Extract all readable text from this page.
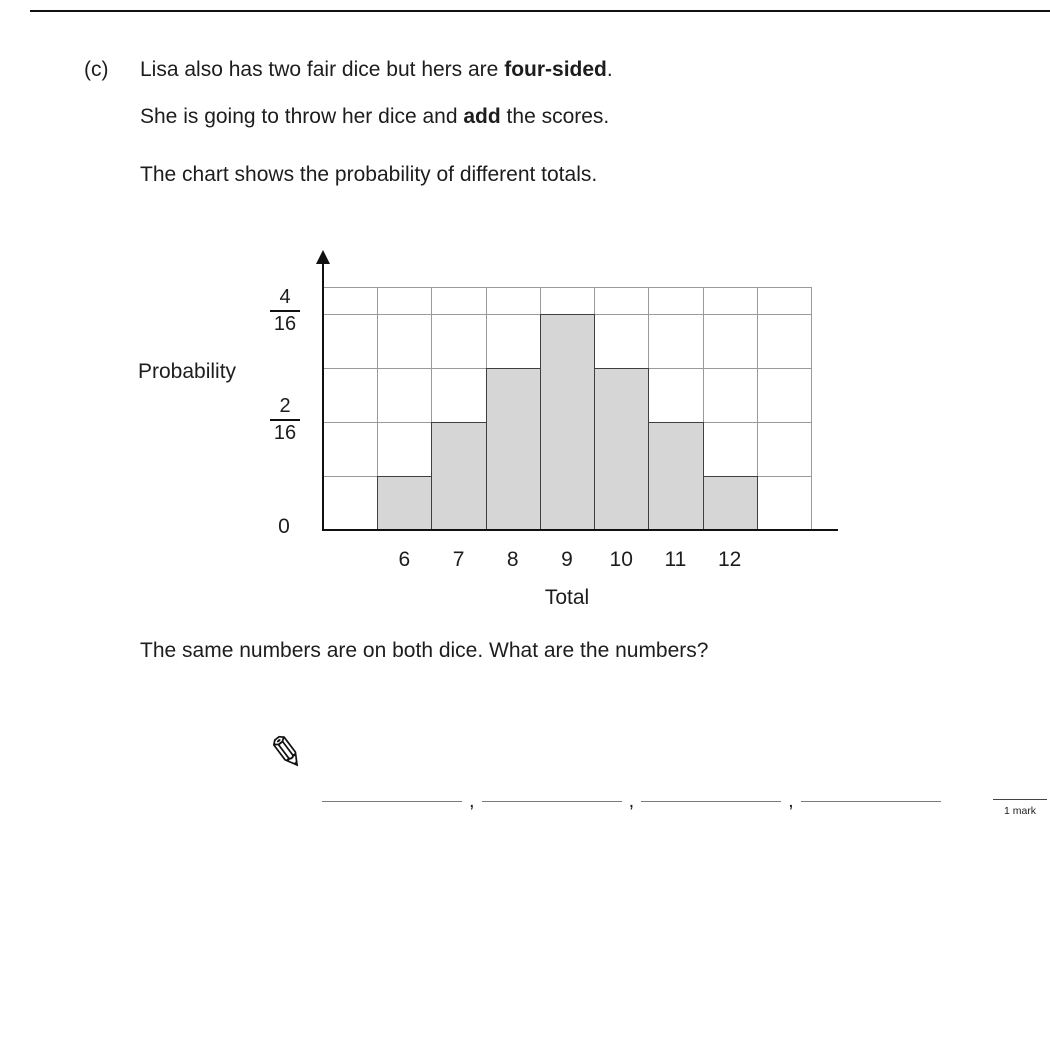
(c) Lisa also has two fair dice but hers are four-sided.
She is going to throw her dice and add the scores.
The chart shows the probability of different totals.
Probability
4
16
2
16
0
6 7 8 9 10 11 12
Total
The same numbers are on both dice. What are the numbers?
✎
,	,	,	1 mark
